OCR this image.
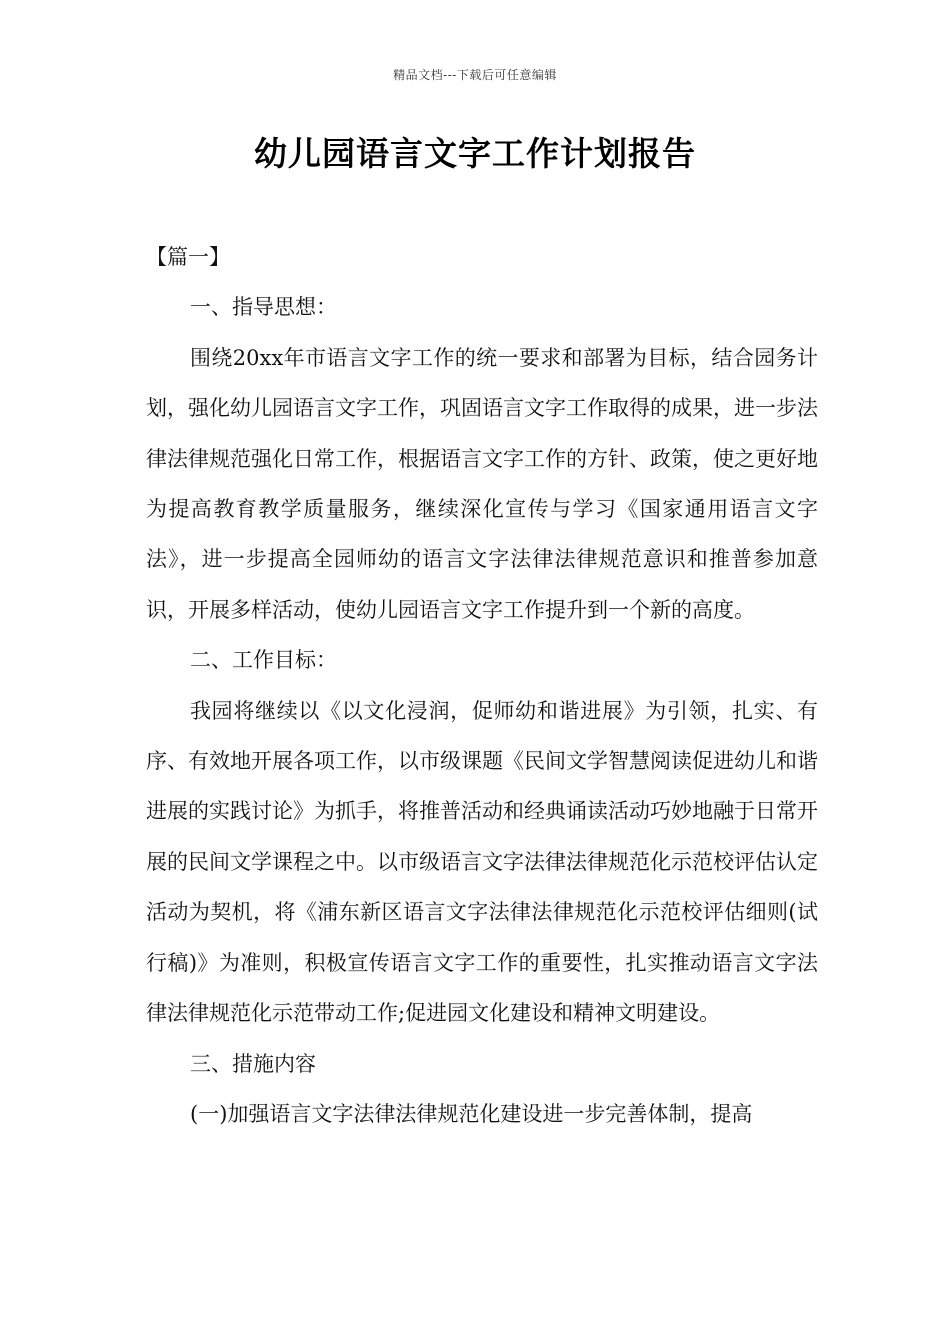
精品文档---下载后可任意编辑
幼儿园语言文字工作计划报告

【篇一】

一、指导思想：

围绕20xx年市语言文字工作的统一要求和部署为目标，结合园务计划，强化幼儿园语言文字工作，巩固语言文字工作取得的成果，进一步法律法律规范强化日常工作，根据语言文字工作的方针、政策，使之更好地为提高教育教学质量服务，继续深化宣传与学习《国家通用语言文字法》，进一步提高全园师幼的语言文字法律法律规范意识和推普参加意识，开展多样活动，使幼儿园语言文字工作提升到一个新的高度。

二、工作目标：

我园将继续以《以文化浸润，促师幼和谐进展》为引领，扎实、有序、有效地开展各项工作，以市级课题《民间文学智慧阅读促进幼儿和谐进展的实践讨论》为抓手，将推普活动和经典诵读活动巧妙地融于日常开展的民间文学课程之中。以市级语言文字法律法律规范化示范校评估认定活动为契机，将《浦东新区语言文字法律法律规范化示范校评估细则(试行稿)》为准则，积极宣传语言文字工作的重要性，扎实推动语言文字法律法律规范化示范带动工作;促进园文化建设和精神文明建设。

三、措施内容

(一)加强语言文字法律法律规范化建设进一步完善体制，提高
